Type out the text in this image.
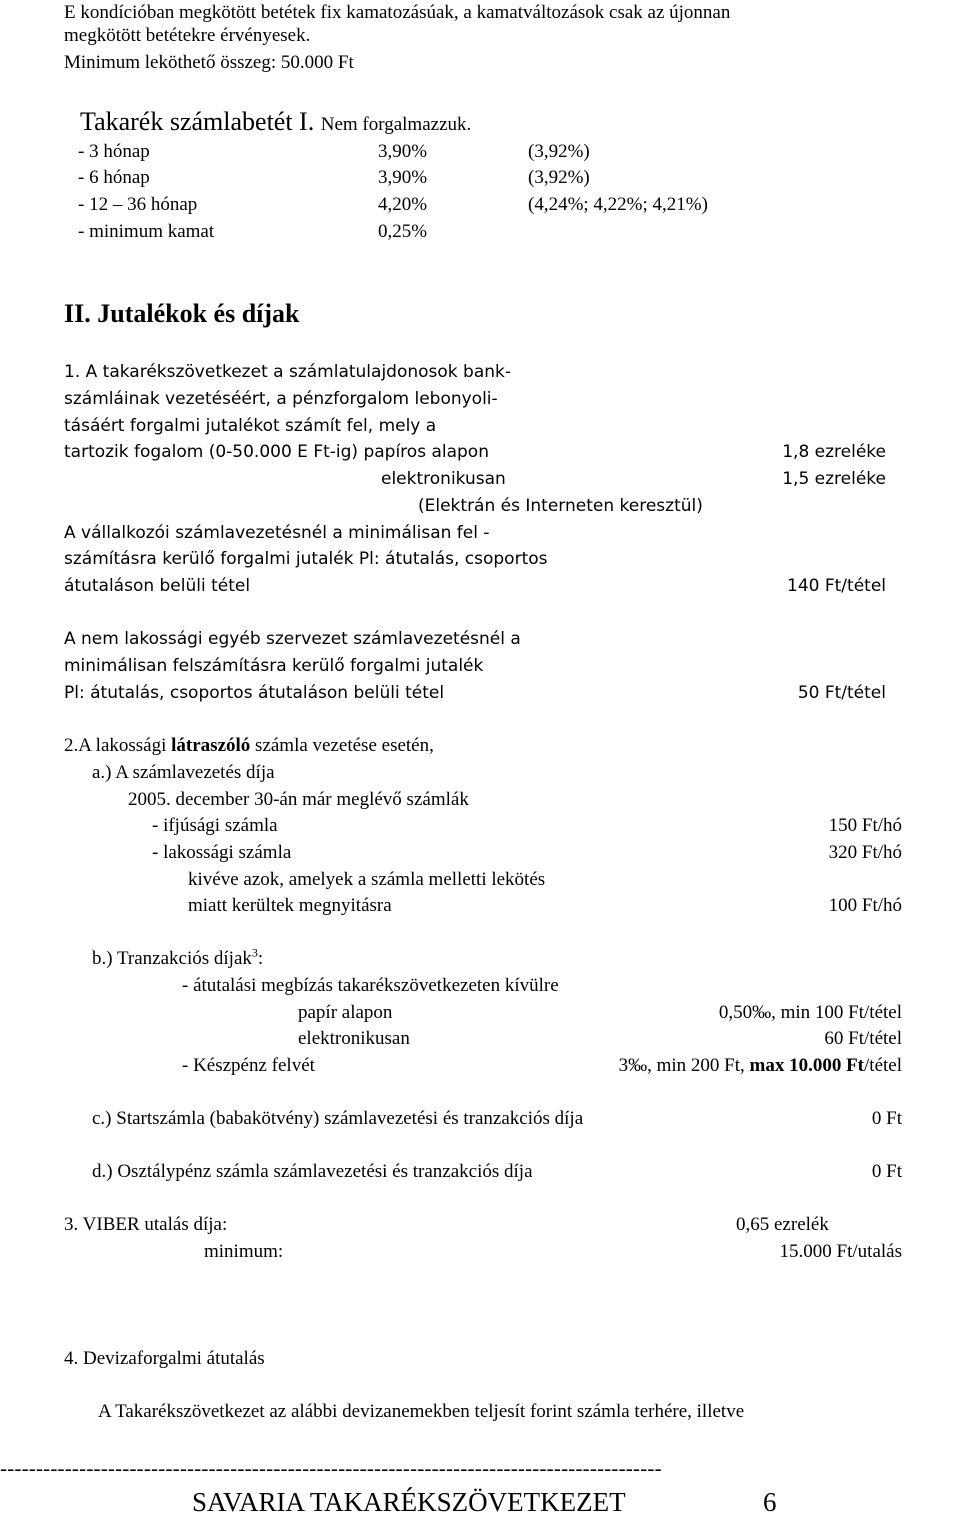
E kondícióban megkötött betétek fix kamatozásúak, a kamatváltozások csak az újonnan
megkötött betétekre érvényesek.
Minimum leköthető összeg: 50.000 Ft
Takarék számlabetét I. Nem forgalmazzuk.
- 3 hónap	3,90%	(3,92%)
- 6 hónap	3,90%	(3,92%)
- 12 – 36 hónap	4,20%	(4,24%; 4,22%; 4,21%)
- minimum kamat	0,25%
II. Jutalékok és díjak
1. A takarékszövetkezet a számlatulajdonosok bank-
számláinak vezetéséért, a pénzforgalom lebonyoli-
tásáért forgalmi jutalékot számít fel, mely a
tartozik fogalom (0-50.000 E Ft-ig) papíros alapon	1,8 ezreléke
elektronikusan	1,5 ezreléke
(Elektrán és Interneten keresztül)
A vállalkozói számlavezetésnél a minimálisan fel -
számításra kerülő forgalmi jutalék Pl: átutalás, csoportos
átutaláson belüli tétel	140 Ft/tétel
A nem lakossági egyéb szervezet számlavezetésnél a
minimálisan felszámításra kerülő forgalmi jutalék
Pl: átutalás, csoportos átutaláson belüli tétel	50 Ft/tétel
2.A lakossági látraszóló számla vezetése esetén,
a.) A számlavezetés díja
2005. december 30-án már meglévő számlák
- ifjúsági számla	150 Ft/hó
- lakossági számla	320 Ft/hó
kivéve azok, amelyek a számla melletti lekötés
miatt kerültek megnyitásra	100 Ft/hó
b.) Tranzakciós díjak$^3$:
- átutalási megbízás takarékszövetkezeten kívülre
papír alapon	0,50‰, min 100 Ft/tétel
elektronikusan	60 Ft/tétel
- Készpénz felvét	3‰, min 200 Ft, max 10.000 Ft/tétel
c.) Startszámla (babakötvény) számlavezetési és tranzakciós díja	0 Ft
d.) Osztálypénz számla számlavezetési és tranzakciós díja	0 Ft
3. VIBER utalás díja:	0,65 ezrelék
minimum:	15.000 Ft/utalás
4. Devizaforgalmi átutalás
A Takarékszövetkezet az alábbi devizanemekben teljesít forint számla terhére, illetve
--------------------------------------------------------------------------------------------
SAVARIA TAKARÉKSZÖVETKEZET	6
